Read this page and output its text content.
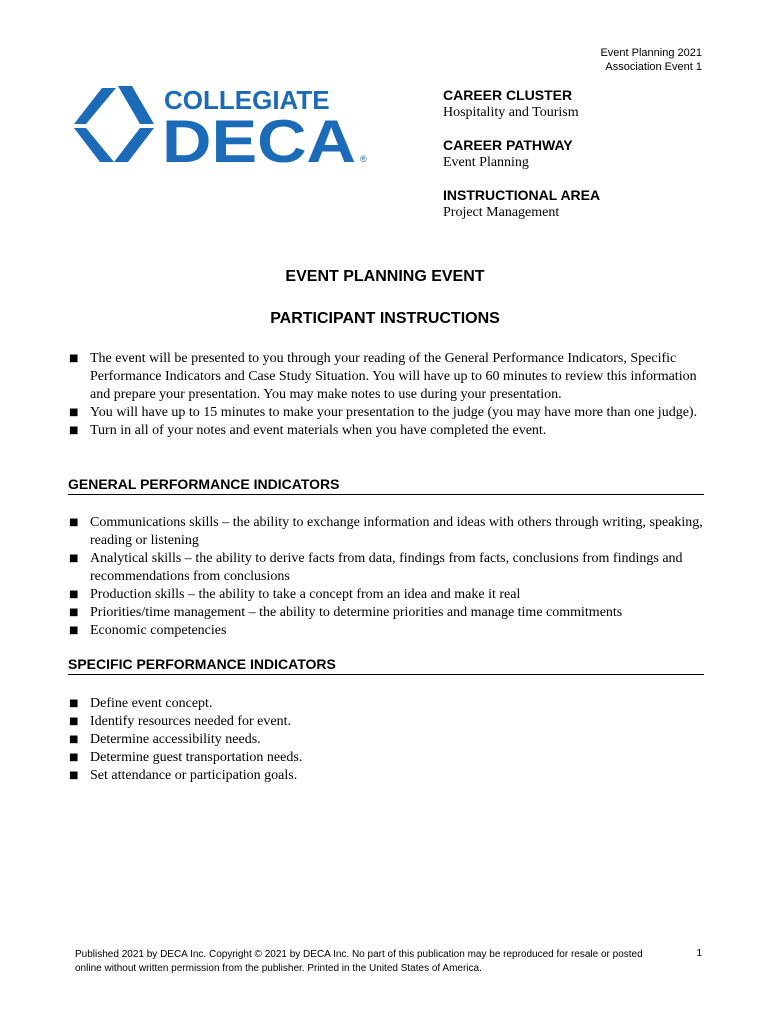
Event Planning 2021
Association Event 1
COLLEGIATE
DECA ®
CAREER CLUSTER
Hospitality and Tourism
CAREER PATHWAY
Event Planning
INSTRUCTIONAL AREA
Project Management
EVENT PLANNING EVENT
PARTICIPANT INSTRUCTIONS
■ The event will be presented to you through your reading of the General Performance Indicators, Specific Performance Indicators and Case Study Situation. You will have up to 60 minutes to review this information and prepare your presentation. You may make notes to use during your presentation.
■ You will have up to 15 minutes to make your presentation to the judge (you may have more than one judge).
■ Turn in all of your notes and event materials when you have completed the event.
GENERAL PERFORMANCE INDICATORS
■ Communications skills – the ability to exchange information and ideas with others through writing, speaking, reading or listening
■ Analytical skills – the ability to derive facts from data, findings from facts, conclusions from findings and recommendations from conclusions
■ Production skills – the ability to take a concept from an idea and make it real
■ Priorities/time management – the ability to determine priorities and manage time commitments
■ Economic competencies
SPECIFIC PERFORMANCE INDICATORS
■ Define event concept.
■ Identify resources needed for event.
■ Determine accessibility needs.
■ Determine guest transportation needs.
■ Set attendance or participation goals.
Published 2021 by DECA Inc. Copyright © 2021 by DECA Inc. No part of this publication may be reproduced for resale or posted online without written permission from the publisher. Printed in the United States of America.
1
